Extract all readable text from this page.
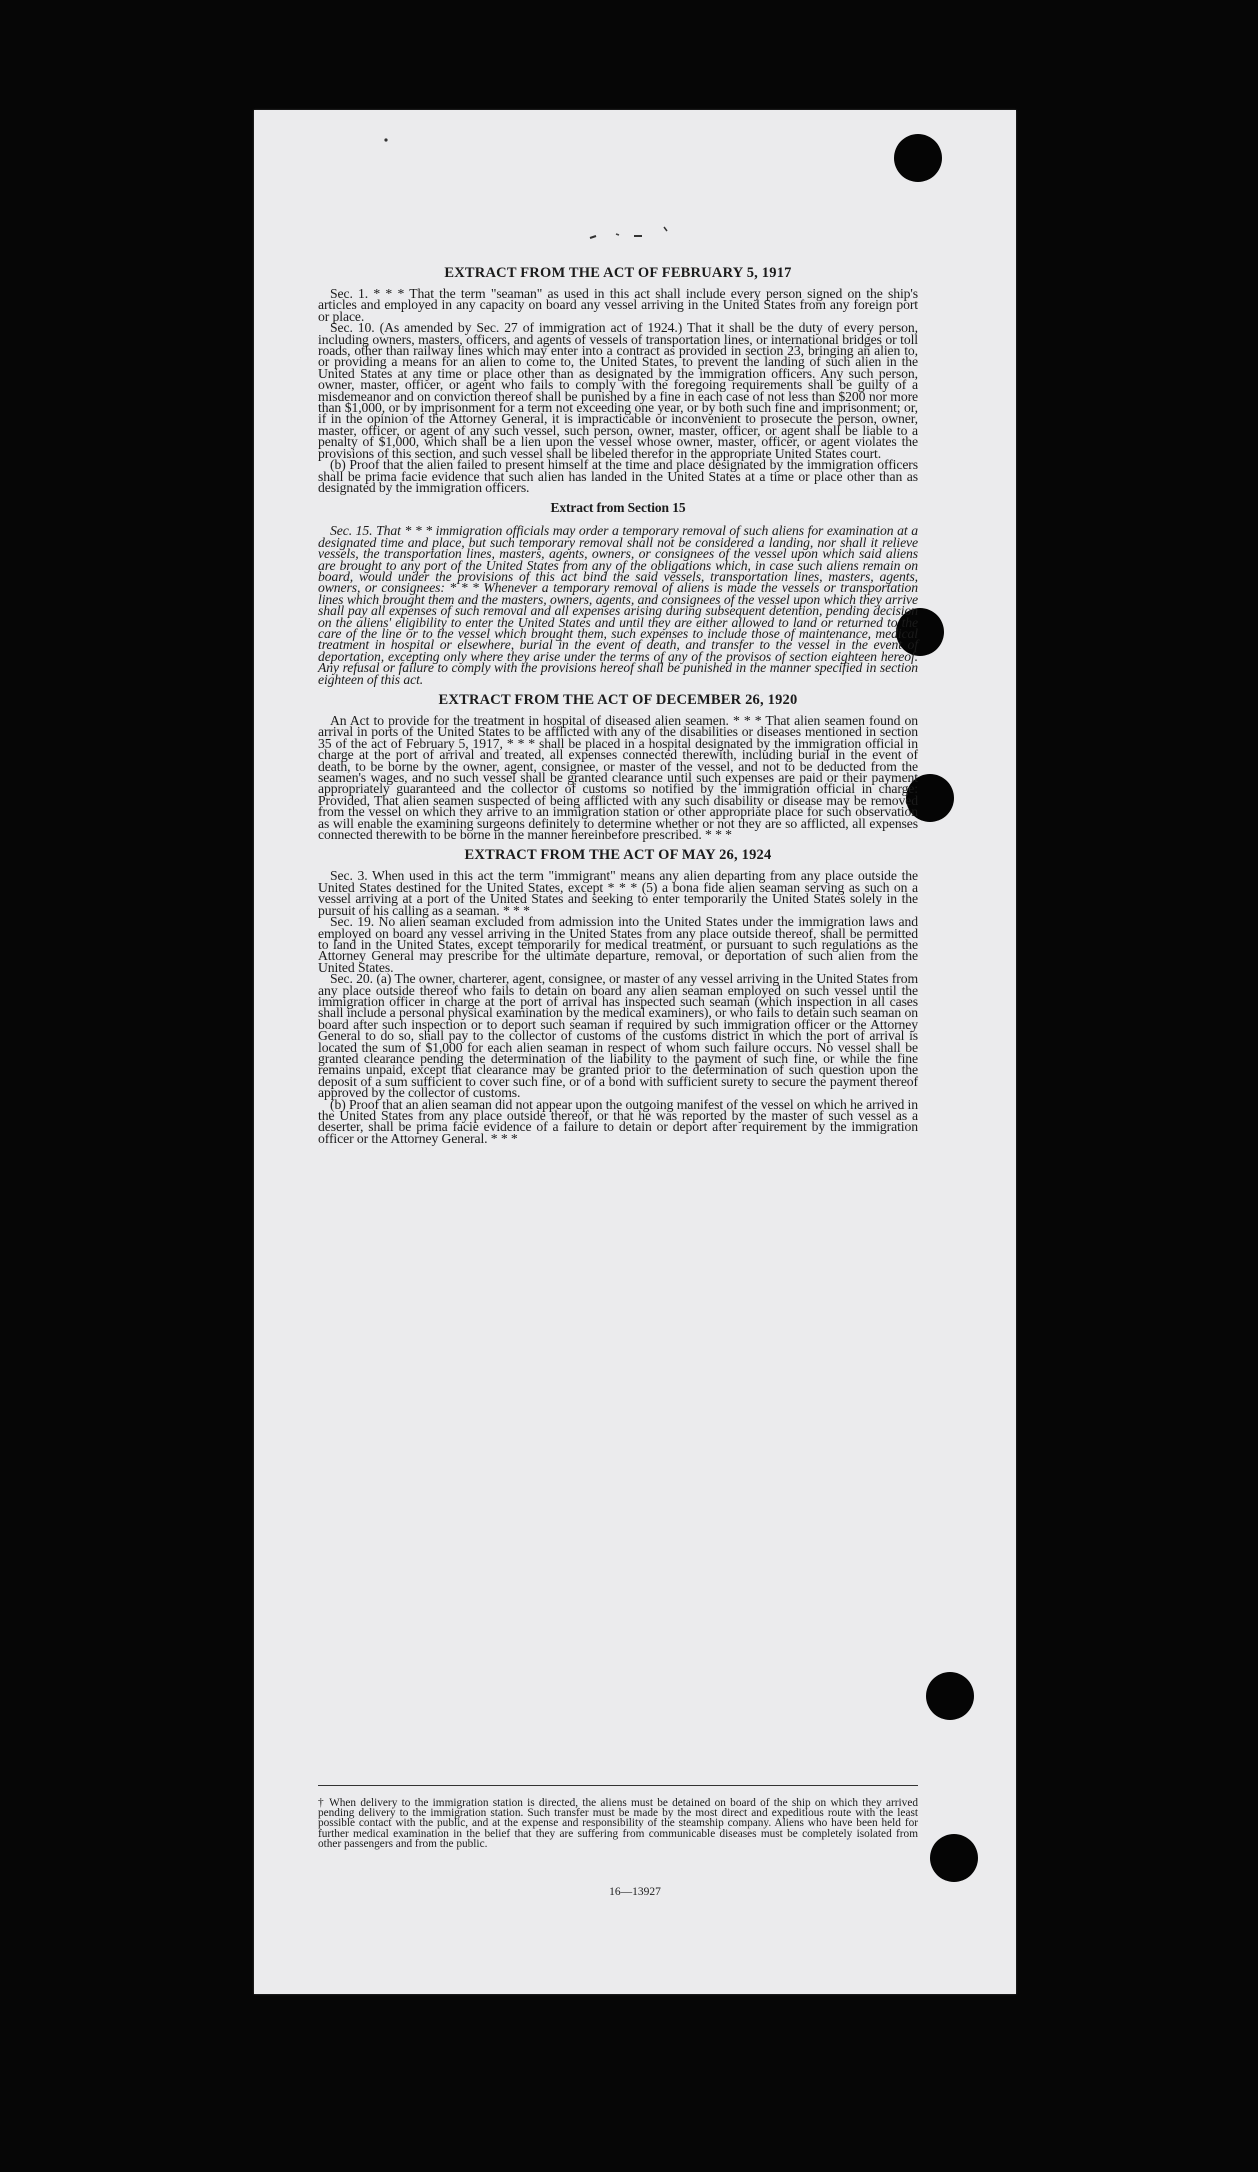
EXTRACT FROM THE ACT OF FEBRUARY 5, 1917

Sec. 1. * * * That the term "seaman" as used in this act shall include every person signed on the ship's articles and employed in any capacity on board any vessel arriving in the United States from any foreign port or place.

Sec. 10. (As amended by Sec. 27 of immigration act of 1924.) That it shall be the duty of every person, including owners, masters, officers, and agents of vessels of transportation lines, or international bridges or toll roads, other than railway lines which may enter into a contract as provided in section 23, bringing an alien to, or providing a means for an alien to come to, the United States, to prevent the landing of such alien in the United States at any time or place other than as designated by the immigration officers. Any such person, owner, master, officer, or agent who fails to comply with the foregoing requirements shall be guilty of a misdemeanor and on conviction thereof shall be punished by a fine in each case of not less than $200 nor more than $1,000, or by imprisonment for a term not exceeding one year, or by both such fine and imprisonment; or, if in the opinion of the Attorney General, it is impracticable or inconvenient to prosecute the person, owner, master, officer, or agent of any such vessel, such person, owner, master, officer, or agent shall be liable to a penalty of $1,000, which shall be a lien upon the vessel whose owner, master, officer, or agent violates the provisions of this section, and such vessel shall be libeled therefor in the appropriate United States court.

(b) Proof that the alien failed to present himself at the time and place designated by the immigration officers shall be prima facie evidence that such alien has landed in the United States at a time or place other than as designated by the immigration officers.

Extract from Section 15

Sec. 15. That * * * immigration officials may order a temporary removal of such aliens for examination at a designated time and place, but such temporary removal shall not be considered a landing, nor shall it relieve vessels, the transportation lines, masters, agents, owners, or consignees of the vessel upon which said aliens are brought to any port of the United States from any of the obligations which, in case such aliens remain on board, would under the provisions of this act bind the said vessels, transportation lines, masters, agents, owners, or consignees: * * * Whenever a temporary removal of aliens is made the vessels or transportation lines which brought them and the masters, owners, agents, and consignees of the vessel upon which they arrive shall pay all expenses of such removal and all expenses arising during subsequent detention, pending decision on the aliens' eligibility to enter the United States and until they are either allowed to land or returned to the care of the line or to the vessel which brought them, such expenses to include those of maintenance, medical treatment in hospital or elsewhere, burial in the event of death, and transfer to the vessel in the event of deportation, excepting only where they arise under the terms of any of the provisos of section eighteen hereof. Any refusal or failure to comply with the provisions hereof shall be punished in the manner specified in section eighteen of this act.

EXTRACT FROM THE ACT OF DECEMBER 26, 1920

An Act to provide for the treatment in hospital of diseased alien seamen. * * * That alien seamen found on arrival in ports of the United States to be afflicted with any of the disabilities or diseases mentioned in section 35 of the act of February 5, 1917, * * * shall be placed in a hospital designated by the immigration official in charge at the port of arrival and treated, all expenses connected therewith, including burial in the event of death, to be borne by the owner, agent, consignee, or master of the vessel, and not to be deducted from the seamen's wages, and no such vessel shall be granted clearance until such expenses are paid or their payment appropriately guaranteed and the collector of customs so notified by the immigration official in charge: Provided, That alien seamen suspected of being afflicted with any such disability or disease may be removed from the vessel on which they arrive to an immigration station or other appropriate place for such observation as will enable the examining surgeons definitely to determine whether or not they are so afflicted, all expenses connected therewith to be borne in the manner hereinbefore prescribed. * * *

EXTRACT FROM THE ACT OF MAY 26, 1924

Sec. 3. When used in this act the term "immigrant" means any alien departing from any place outside the United States destined for the United States, except * * * (5) a bona fide alien seaman serving as such on a vessel arriving at a port of the United States and seeking to enter temporarily the United States solely in the pursuit of his calling as a seaman. * * *

Sec. 19. No alien seaman excluded from admission into the United States under the immigration laws and employed on board any vessel arriving in the United States from any place outside thereof, shall be permitted to land in the United States, except temporarily for medical treatment, or pursuant to such regulations as the Attorney General may prescribe for the ultimate departure, removal, or deportation of such alien from the United States.

Sec. 20. (a) The owner, charterer, agent, consignee, or master of any vessel arriving in the United States from any place outside thereof who fails to detain on board any alien seaman employed on such vessel until the immigration officer in charge at the port of arrival has inspected such seaman (which inspection in all cases shall include a personal physical examination by the medical examiners), or who fails to detain such seaman on board after such inspection or to deport such seaman if required by such immigration officer or the Attorney General to do so, shall pay to the collector of customs of the customs district in which the port of arrival is located the sum of $1,000 for each alien seaman in respect of whom such failure occurs. No vessel shall be granted clearance pending the determination of the liability to the payment of such fine, or while the fine remains unpaid, except that clearance may be granted prior to the determination of such question upon the deposit of a sum sufficient to cover such fine, or of a bond with sufficient surety to secure the payment thereof approved by the collector of customs.

(b) Proof that an alien seaman did not appear upon the outgoing manifest of the vessel on which he arrived in the United States from any place outside thereof, or that he was reported by the master of such vessel as a deserter, shall be prima facie evidence of a failure to detain or deport after requirement by the immigration officer or the Attorney General. * * *

† When delivery to the immigration station is directed, the aliens must be detained on board of the ship on which they arrived pending delivery to the immigration station. Such transfer must be made by the most direct and expeditious route with the least possible contact with the public, and at the expense and responsibility of the steamship company. Aliens who have been held for further medical examination in the belief that they are suffering from communicable diseases must be completely isolated from other passengers and from the public.
16—13927
